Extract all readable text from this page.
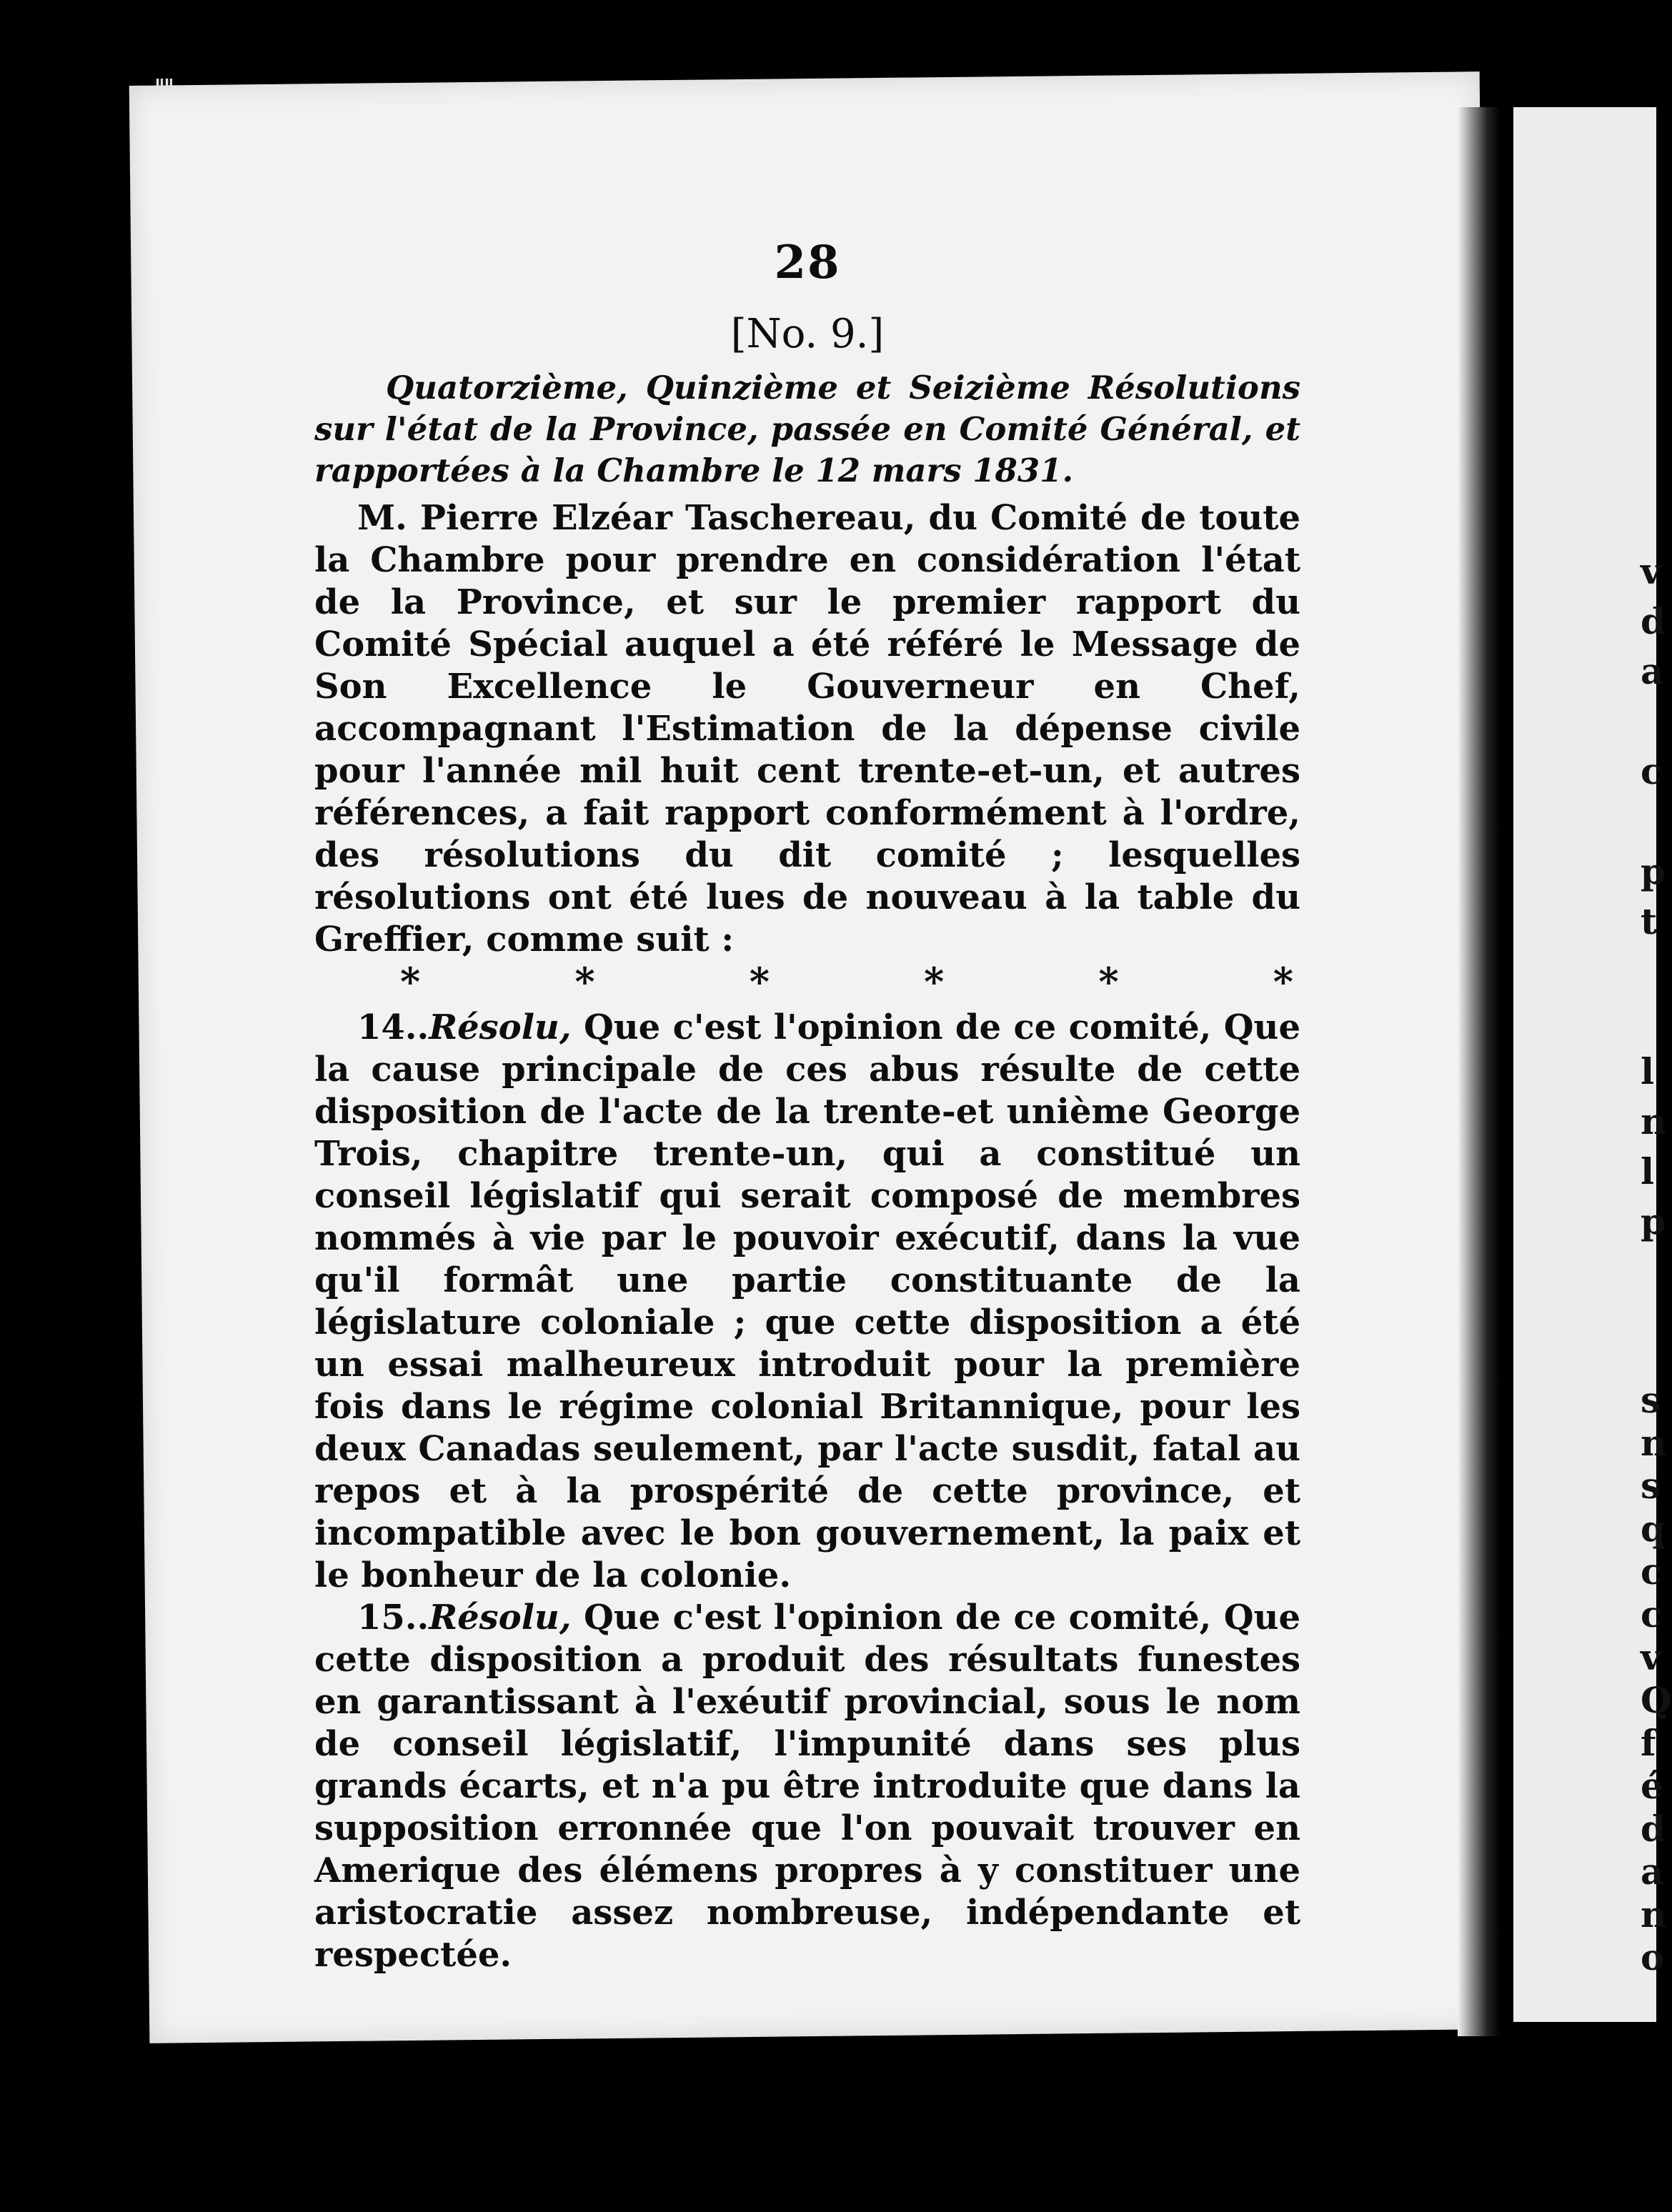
v
d
a
c
p
t
l
n
l
p
s
n
s
q
c
c
v
Q
f
é
d
a
n
o
28
[No. 9.]

Quatorzième, Quinzième et Seizième Résolutions sur l'état de la Province, passée en Comité Général, et rapportées à la Chambre le 12 mars 1831.

M. Pierre Elzéar Taschereau, du Comité de toute la Chambre pour prendre en considération l'état de la Province, et sur le premier rapport du Comité Spécial auquel a été référé le Message de Son Excellence le Gouverneur en Chef, accompagnant l'Estimation de la dépense civile pour l'année mil huit cent trente-et-un, et autres références, a fait rapport conformément à l'ordre, des résolutions du dit comité ; lesquelles résolutions ont été lues de nouveau à la table du Greffier, comme suit :

*	*	*	*	*	*

14..Résolu, Que c'est l'opinion de ce comité, Que la cause principale de ces abus résulte de cette disposition de l'acte de la trente-et unième George Trois, chapitre trente-un, qui a constitué un conseil législatif qui serait composé de membres nommés à vie par le pouvoir exécutif, dans la vue qu'il formât une partie constituante de la législature coloniale ; que cette disposition a été un essai malheureux introduit pour la première fois dans le régime colonial Britannique, pour les deux Canadas seulement, par l'acte susdit, fatal au repos et à la prospérité de cette province, et incompatible avec le bon gouvernement, la paix et le bonheur de la colonie.

15..Résolu, Que c'est l'opinion de ce comité, Que cette disposition a produit des résultats funestes en garantissant à l'exéutif provincial, sous le nom de conseil législatif, l'impunité dans ses plus grands écarts, et n'a pu être introduite que dans la supposition erronnée que l'on pouvait trouver en Amerique des élémens propres à y constituer une aristocratie assez nombreuse, indépendante et respectée.
